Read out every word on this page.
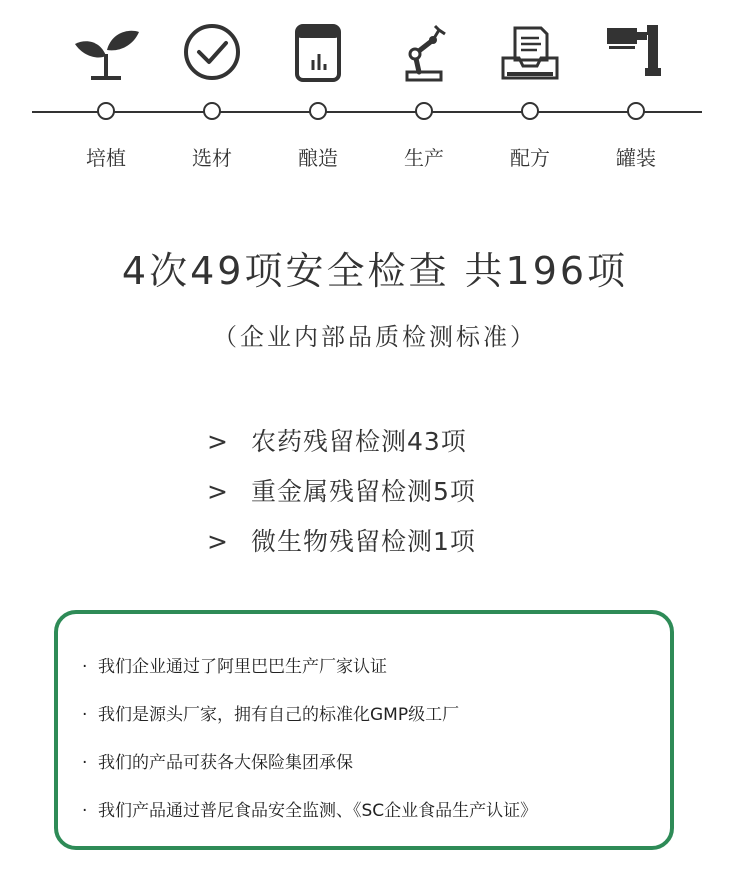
培植	选材	酿造	生产	配方	罐装
4次49项安全检查 共196项
（企业内部品质检测标准）
> 农药残留检测43项
> 重金属残留检测5项
> 微生物残留检测1项
· 我们企业通过了阿里巴巴生产厂家认证
· 我们是源头厂家，拥有自己的标准化GMP级工厂
· 我们的产品可获各大保险集团承保
· 我们产品通过普尼食品安全监测、《SC企业食品生产认证》
